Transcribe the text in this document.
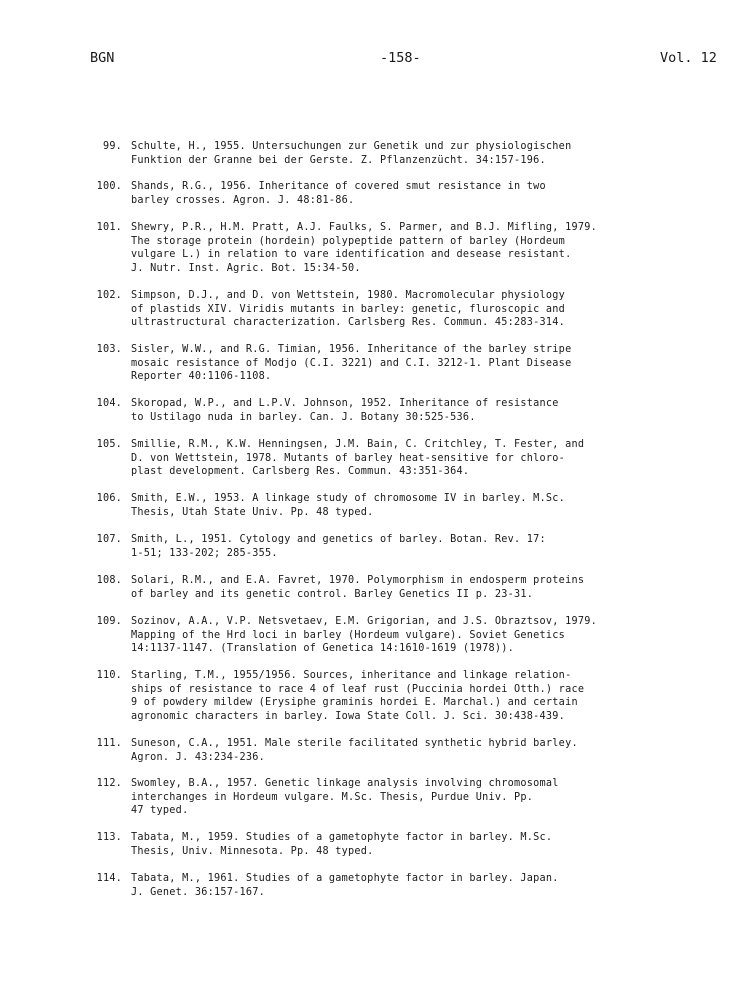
BGN	-158-	Vol. 12
99. Schulte, H., 1955. Untersuchungen zur Genetik und zur physiologischen
Funktion der Granne bei der Gerste. Z. Pflanzenzücht. 34:157-196.
100. Shands, R.G., 1956. Inheritance of covered smut resistance in two
barley crosses. Agron. J. 48:81-86.
101. Shewry, P.R., H.M. Pratt, A.J. Faulks, S. Parmer, and B.J. Mifling, 1979.
The storage protein (hordein) polypeptide pattern of barley (Hordeum
vulgare L.) in relation to vare identification and desease resistant.
J. Nutr. Inst. Agric. Bot. 15:34-50.
102. Simpson, D.J., and D. von Wettstein, 1980. Macromolecular physiology
of plastids XIV. Viridis mutants in barley: genetic, fluroscopic and
ultrastructural characterization. Carlsberg Res. Commun. 45:283-314.
103. Sisler, W.W., and R.G. Timian, 1956. Inheritance of the barley stripe
mosaic resistance of Modjo (C.I. 3221) and C.I. 3212-1. Plant Disease
Reporter 40:1106-1108.
104. Skoropad, W.P., and L.P.V. Johnson, 1952. Inheritance of resistance
to Ustilago nuda in barley. Can. J. Botany 30:525-536.
105. Smillie, R.M., K.W. Henningsen, J.M. Bain, C. Critchley, T. Fester, and
D. von Wettstein, 1978. Mutants of barley heat-sensitive for chloro-
plast development. Carlsberg Res. Commun. 43:351-364.
106. Smith, E.W., 1953. A linkage study of chromosome IV in barley. M.Sc.
Thesis, Utah State Univ. Pp. 48 typed.
107. Smith, L., 1951. Cytology and genetics of barley. Botan. Rev. 17:
1-51; 133-202; 285-355.
108. Solari, R.M., and E.A. Favret, 1970. Polymorphism in endosperm proteins
of barley and its genetic control. Barley Genetics II p. 23-31.
109. Sozinov, A.A., V.P. Netsvetaev, E.M. Grigorian, and J.S. Obraztsov, 1979.
Mapping of the Hrd loci in barley (Hordeum vulgare). Soviet Genetics
14:1137-1147. (Translation of Genetica 14:1610-1619 (1978)).
110. Starling, T.M., 1955/1956. Sources, inheritance and linkage relation-
ships of resistance to race 4 of leaf rust (Puccinia hordei Otth.) race
9 of powdery mildew (Erysiphe graminis hordei E. Marchal.) and certain
agronomic characters in barley. Iowa State Coll. J. Sci. 30:438-439.
111. Suneson, C.A., 1951. Male sterile facilitated synthetic hybrid barley.
Agron. J. 43:234-236.
112. Swomley, B.A., 1957. Genetic linkage analysis involving chromosomal
interchanges in Hordeum vulgare. M.Sc. Thesis, Purdue Univ. Pp.
47 typed.
113. Tabata, M., 1959. Studies of a gametophyte factor in barley. M.Sc.
Thesis, Univ. Minnesota. Pp. 48 typed.
114. Tabata, M., 1961. Studies of a gametophyte factor in barley. Japan.
J. Genet. 36:157-167.
